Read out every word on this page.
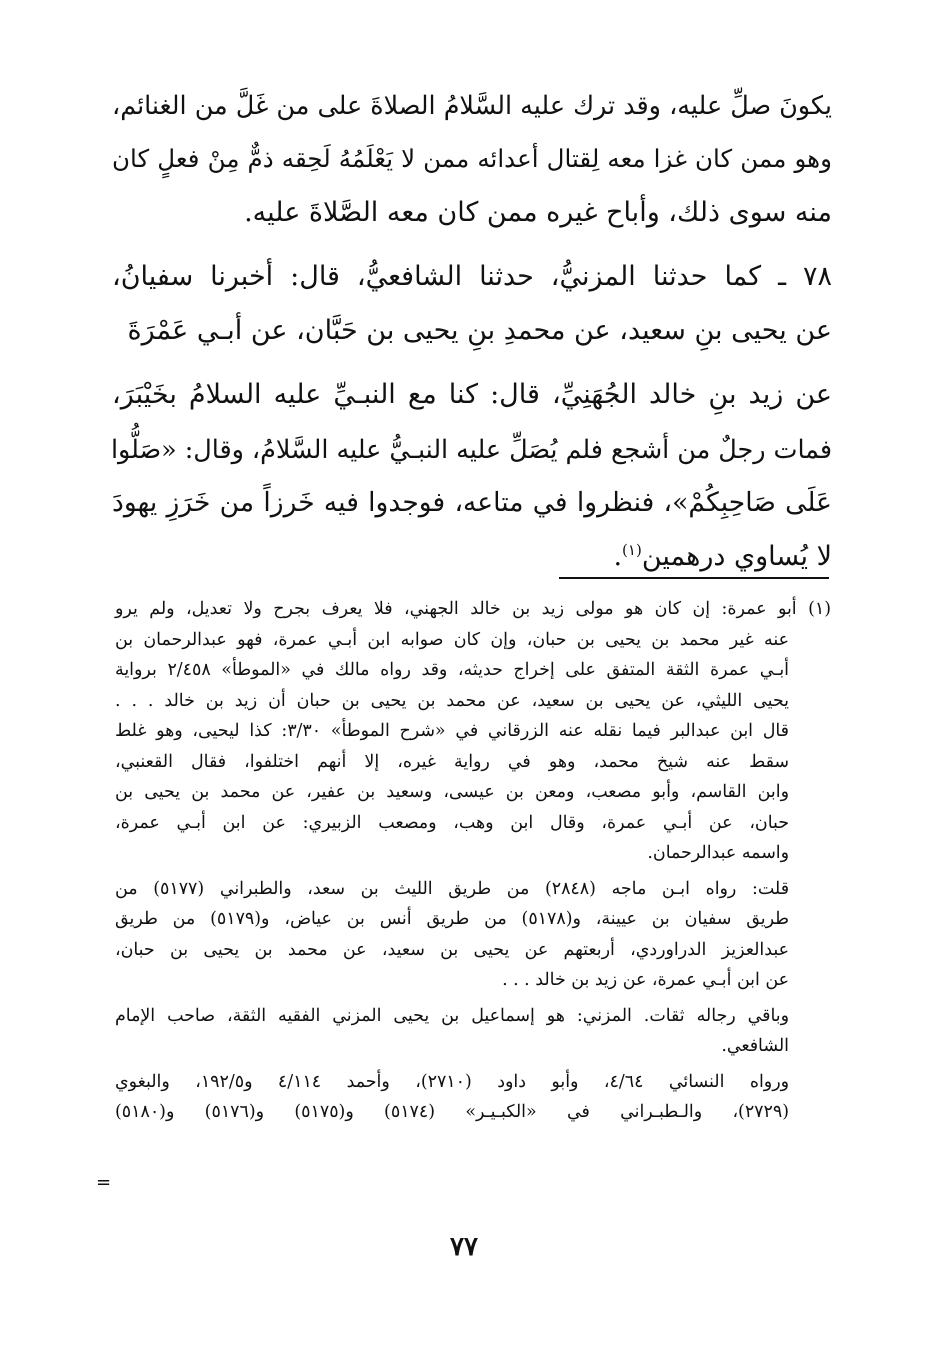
يكونَ صلِّ عليه، وقد ترك عليه السَّلامُ الصلاةَ على من غَلَّ من الغنائم،
وهو ممن كان غزا معه لِقتال أعدائه ممن لا يَعْلَمُهُ لَحِقه ذمٌّ مِنْ فعلٍ كان
منه سوى ذلك، وأباح غيره ممن كان معه الصَّلاةَ عليه.
٧٨ ـ كما حدثنا المزنيُّ، حدثنا الشافعيُّ، قال: أخبرنا سفيانُ،
عن يحيى بنِ سعيد، عن محمدِ بنِ يحيى بن حَبَّان، عن أبـي عَمْرَةَ
عن زيد بنِ خالد الجُهَنِيِّ، قال: كنا مع النبـيِّ عليه السلامُ بخَيْبَرَ،
فمات رجلٌ من أشجع فلم يُصَلِّ عليه النبـيُّ عليه السَّلامُ، وقال: «صَلُّوا
عَلَى صَاحِبِكُمْ»، فنظروا في متاعه، فوجدوا فيه خَرزاً من خَرَزِ يهودَ
لا يُساوي درهمين$^{(١)}$.
(١) أبو عمرة: إن كان هو مولى زيد بن خالد الجهني، فلا يعرف بجرح ولا تعديل، ولم يرو
عنه غير محمد بن يحيى بن حبان، وإن كان صوابه ابن أبـي عمرة، فهو عبدالرحمان بن
أبـي عمرة الثقة المتفق على إخراج حديثه، وقد رواه مالك في «الموطأ» ٢/٤٥٨ برواية
يحيى الليثي، عن يحيى بن سعيد، عن محمد بن يحيى بن حبان أن زيد بن خالد . . .
قال ابن عبدالبر فيما نقله عنه الزرقاني في «شرح الموطأ» ٣/٣٠: كذا ليحيى، وهو غلط
سقط عنه شيخ محمد، وهو في رواية غيره، إلا أنهم اختلفوا، فقال القعنبي،
وابن القاسم، وأبو مصعب، ومعن بن عيسى، وسعيد بن عفير، عن محمد بن يحيى بن
حبان، عن أبـي عمرة، وقال ابن وهب، ومصعب الزبيري: عن ابن أبـي عمرة،
واسمه عبدالرحمان.
قلت: رواه ابـن ماجه (٢٨٤٨) من طريق الليث بن سعد، والطبراني (٥١٧٧) من
طريق سفيان بن عيينة، و(٥١٧٨) من طريق أنس بن عياض، و(٥١٧٩) من طريق
عبدالعزيز الدراوردي، أربعتهم عن يحيى بن سعيد، عن محمد بن يحيى بن حبان،
عن ابن أبـي عمرة، عن زيد بن خالد . . .
وباقي رجاله ثقات. المزني: هو إسماعيل بن يحيى المزني الفقيه الثقة، صاحب الإمام
الشافعي.
ورواه النسائي ٤/٦٤، وأبو داود (٢٧١٠)، وأحمد ٤/١١٤ و١٩٢/٥، والبغوي
(٢٧٢٩)، والـطبـراني في «الكبـيـر» (٥١٧٤) و(٥١٧٥) و(٥١٧٦) و(٥١٨٠)
=
٧٧
